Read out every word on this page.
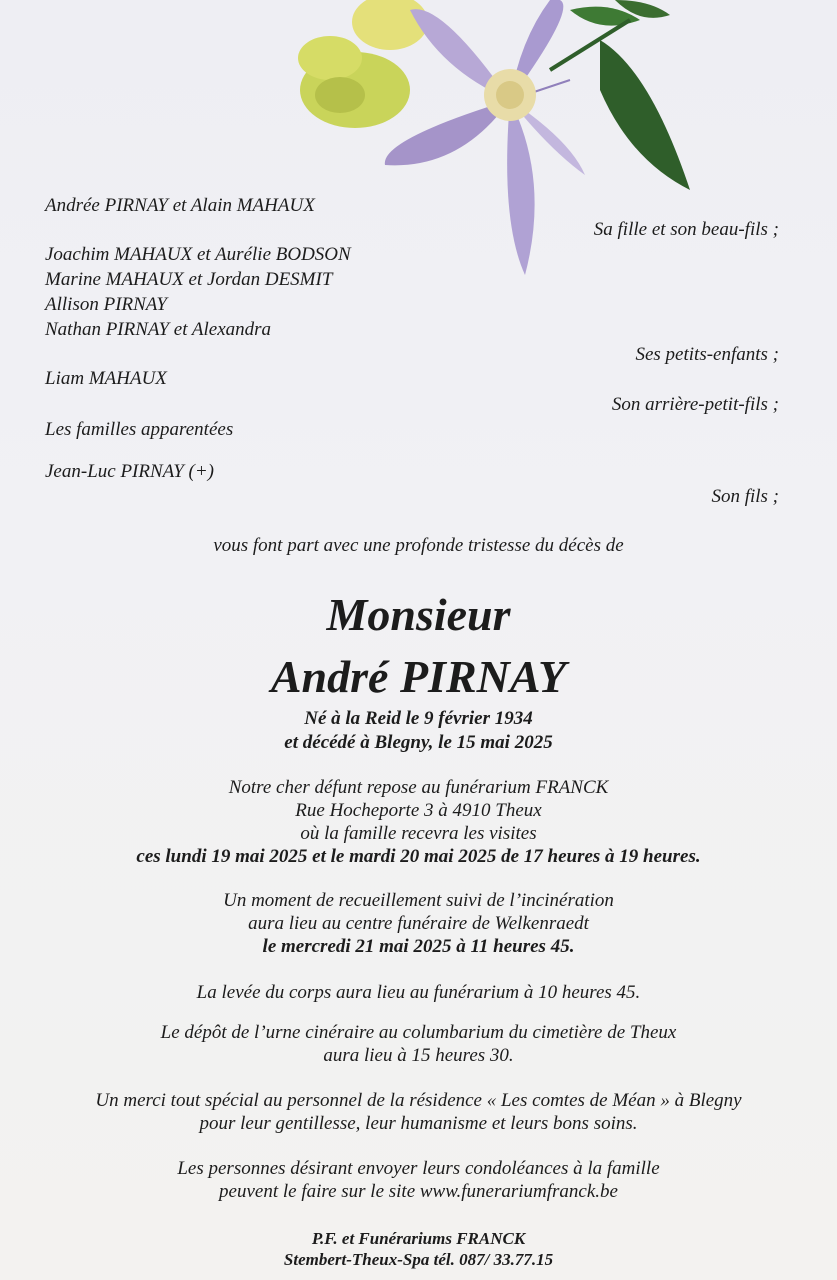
Andrée PIRNAY et Alain MAHAUX
Sa fille et son beau-fils ;
Joachim MAHAUX et Aurélie BODSON
Marine MAHAUX et Jordan DESMIT
Allison PIRNAY
Nathan PIRNAY et Alexandra
Ses petits-enfants ;
Liam MAHAUX
Son arrière-petit-fils ;
Les familles apparentées
Jean-Luc PIRNAY (+)
Son fils ;
vous font part avec une profonde tristesse du décès de
Monsieur
André PIRNAY
Né à la Reid le 9 février 1934
et décédé à Blegny, le 15 mai 2025
Notre cher défunt repose au funérarium FRANCK
Rue Hocheporte 3 à 4910 Theux
où la famille recevra les visites
ces lundi 19 mai 2025 et le mardi 20 mai 2025 de 17 heures à 19 heures.
Un moment de recueillement suivi de l’incinération
aura lieu au centre funéraire de Welkenraedt
le mercredi 21 mai 2025 à 11 heures 45.
La levée du corps aura lieu au funérarium à 10 heures 45.
Le dépôt de l’urne cinéraire au columbarium du cimetière de Theux
aura lieu à 15 heures 30.
Un merci tout spécial au personnel de la résidence « Les comtes de Méan » à Blegny
pour leur gentillesse, leur humanisme et leurs bons soins.
Les personnes désirant envoyer leurs condoléances à la famille
peuvent le faire sur le site www.funerariumfranck.be
P.F. et Funérariums FRANCK
Stembert-Theux-Spa tél. 087/ 33.77.15
